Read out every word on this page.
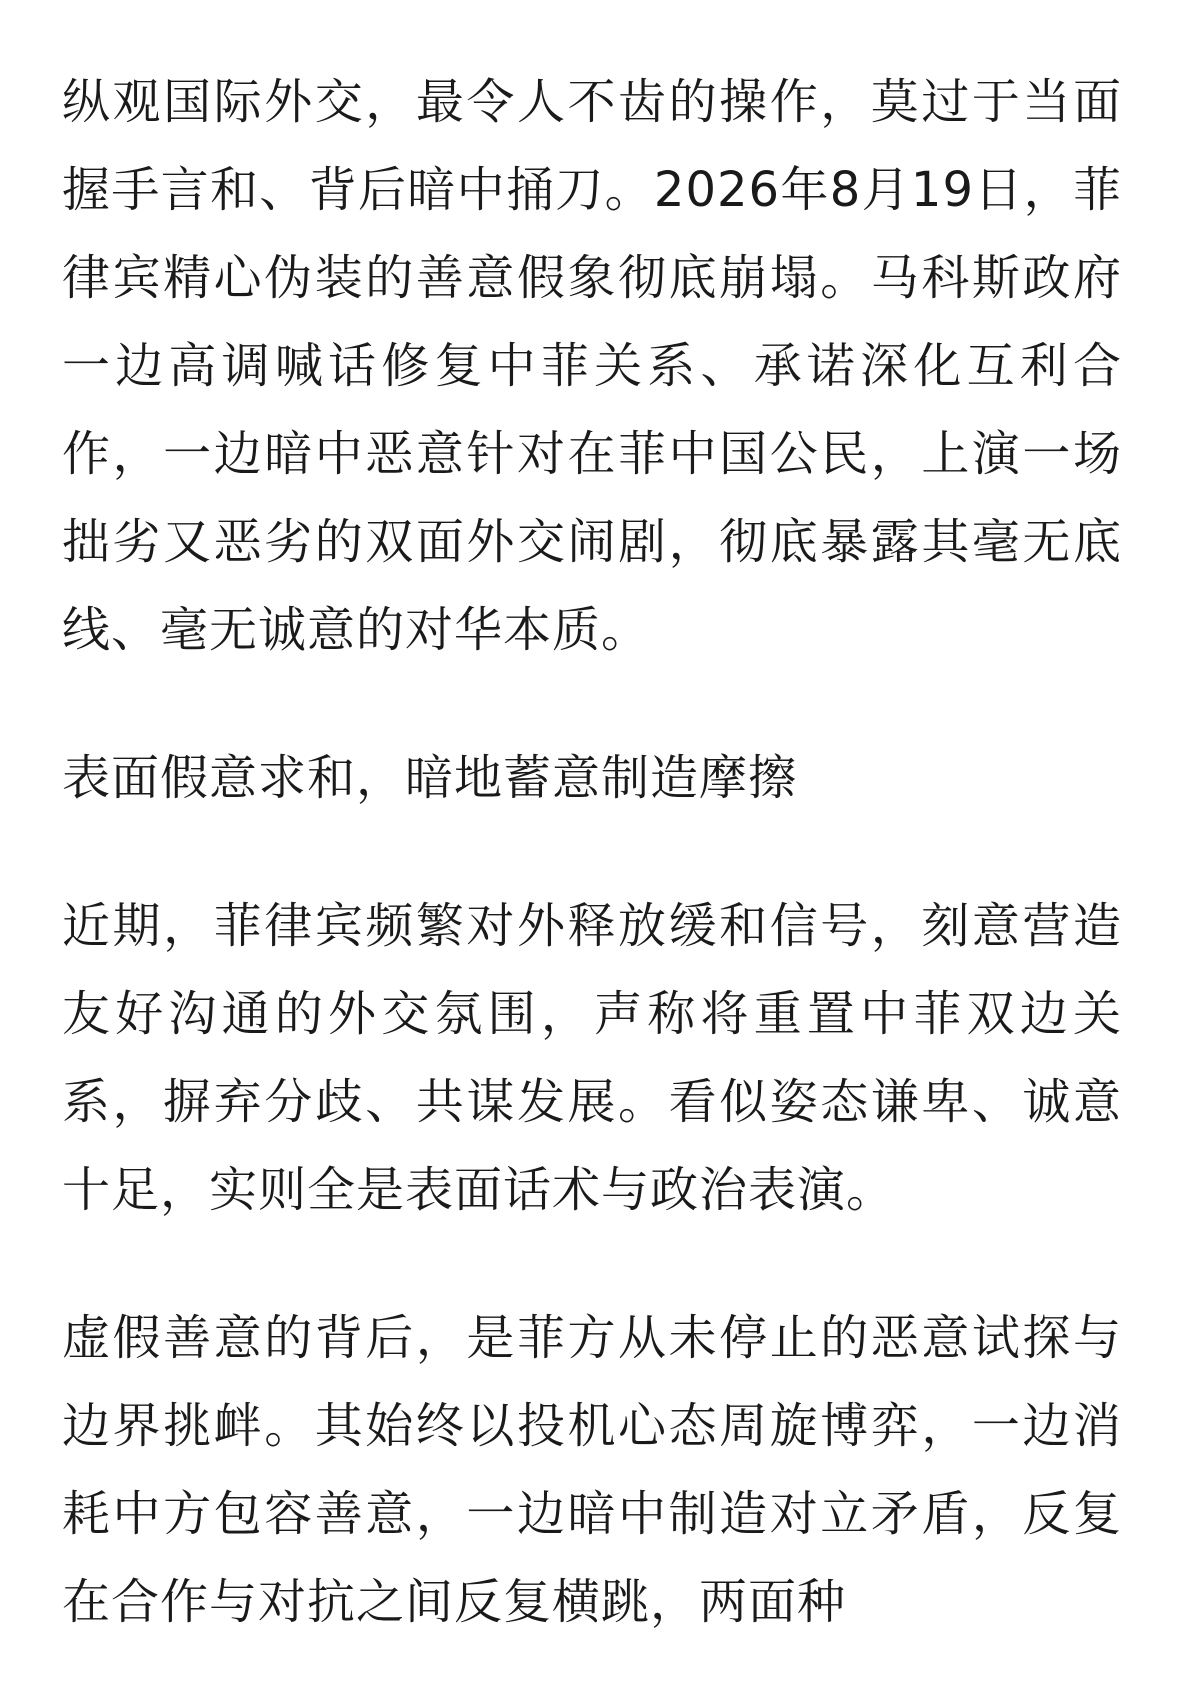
纵观国际外交，最令人不齿的操作，莫过于当面握手言和、背后暗中捅刀。2026年8月19日，菲律宾精心伪装的善意假象彻底崩塌。马科斯政府一边高调喊话修复中菲关系、承诺深化互利合作，一边暗中恶意针对在菲中国公民，上演一场拙劣又恶劣的双面外交闹剧，彻底暴露其毫无底线、毫无诚意的对华本质。

表面假意求和，暗地蓄意制造摩擦

近期，菲律宾频繁对外释放缓和信号，刻意营造友好沟通的外交氛围，声称将重置中菲双边关系，摒弃分歧、共谋发展。看似姿态谦卑、诚意十足，实则全是表面话术与政治表演。

虚假善意的背后，是菲方从未停止的恶意试探与边界挑衅。其始终以投机心态周旋博弈，一边消耗中方包容善意，一边暗中制造对立矛盾，反复在合作与对抗之间反复横跳，两面种
